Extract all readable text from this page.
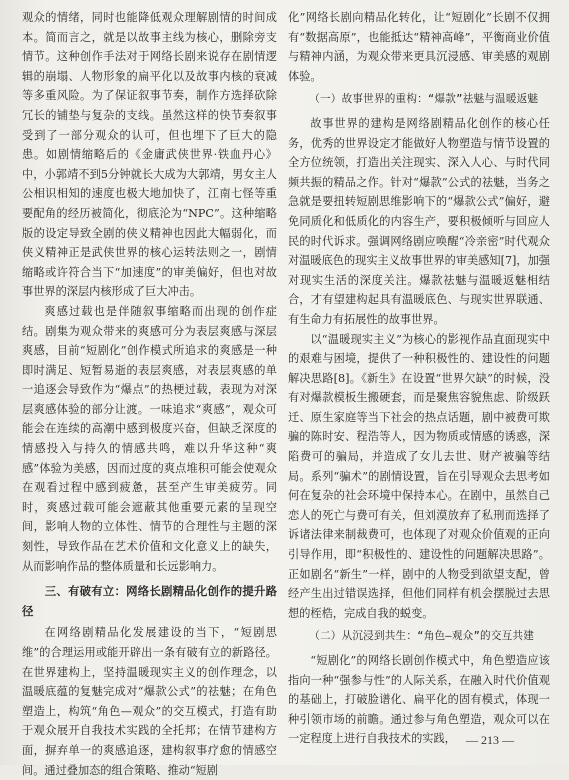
观众的情绪，同时也能降低观众理解剧情的时间成本。简而言之，就是以故事主线为核心，删除旁支情节。这种创作手法对于网络长剧来说存在剧情逻辑的崩塌、人物形象的扁平化以及故事内核的衰减等多重风险。为了保证叙事节奏，制作方选择砍除冗长的铺垫与复杂的支线。虽然这样的快节奏叙事受到了一部分观众的认可，但也埋下了巨大的隐患。如剧情缩略后的《金庸武侠世界·铁血丹心》中，小郭靖不到5分钟就长大成为大郭靖，男女主人公相识相知的速度也极大地加快了，江南七怪等重要配角的经历被简化，彻底沦为“NPC”。这种缩略版的设定导致全剧的侠义精神也因此大幅弱化，而侠义精神正是武侠世界的核心运转法则之一，剧情缩略或许符合当下“加速度”的审美偏好，但也对故事世界的深层内核形成了巨大冲击。

爽感过载也是伴随叙事缩略而出现的创作症结。剧集为观众带来的爽感可分为表层爽感与深层爽感，目前“短剧化”创作模式所追求的爽感是一种即时满足、短暂易逝的表层爽感，对表层爽感的单一追逐会导致作为“爆点”的热梗过载，表现为对深层爽感体验的部分让渡。一味追求“爽感”，观众可能会在连续的高潮中感到极度兴奋，但缺乏深度的情感投入与持久的情感共鸣，难以升华这种“爽感”体验为美感，因而过度的爽点堆积可能会使观众在观看过程中感到疲惫，甚至产生审美疲劳。同时，爽感过载可能会遮蔽其他重要元素的呈现空间，影响人物的立体性、情节的合理性与主题的深刻性，导致作品在艺术价值和文化意义上的缺失，从而影响作品的整体质量和长远影响力。

三、有破有立：网络长剧精品化创作的提升路径

在网络剧精品化发展建设的当下，“短剧思维”的合理运用或能开辟出一条有破有立的新路径。在世界建构上，坚持温暖现实主义的创作理念，以温暖底蕴的复魅完成对“爆款公式”的祛魅；在角色塑造上，构筑“角色—观众”的交互模式，打造有助于观众展开自我技术实践的全托邦；在情节建构方面，摒弃单一的爽感追逐，建构叙事疗愈的情感空间。通过叠加态的组合策略、推动“短剧

化”网络长剧向精品化转化，让“短剧化”长剧不仅拥有“数据高原”，也能抵达“精神高峰”，平衡商业价值与精神内涵，为观众带来更具沉浸感、审美感的观剧体验。

（一）故事世界的重构：“爆款”祛魅与温暖返魅

故事世界的建构是网络剧精品化创作的核心任务，优秀的世界设定才能做好人物塑造与情节设置的全方位统领，打造出关注现实、深入人心、与时代同频共振的精品之作。针对“爆款”公式的祛魅，当务之急就是要扭转短剧思维影响下的“爆款公式”偏好，避免同质化和低质化的内容生产，要积极倾听与回应人民的时代诉求。强调网络剧应唤醒“冷亲密”时代观众对温暖底色的现实主义故事世界的审美感知[7]，加强对现实生活的深度关注。爆款祛魅与温暖返魅相结合，才有望建构起具有温暖底色、与现实世界联通、有生命力有拓展性的故事世界。

以“温暖现实主义”为核心的影视作品直面现实中的艰难与困境，提供了一种积极性的、建设性的问题解决思路[8]。《新生》在设置“世界欠缺”的时候，没有对爆款模板生搬硬套，而是聚焦容貌焦虑、阶级跃迁、原生家庭等当下社会的热点话题，剧中被费可欺骗的陈时安、程浩等人，因为物质或情感的诱惑，深陷费可的骗局，并造成了女儿去世、财产被骗等结局。系列“骗术”的剧情设置，旨在引导观众去思考如何在复杂的社会环境中保持本心。在剧中，虽然自己恋人的死亡与费可有关，但刘漠放弃了私刑而选择了诉诸法律来制裁费可，也体现了对观众价值观的正向引导作用，即“积极性的、建设性的问题解决思路”。正如剧名“新生”一样，剧中的人物受到欲望支配，曾经产生出过错误选择，但他们同样有机会摆脱过去思想的桎梏，完成自我的蜕变。

（二）从沉浸到共生：“角色—观众”的交互共建

“短剧化”的网络长剧创作模式中，角色塑造应该指向一种“强参与性”的人际关系，在融入时代价值观的基础上，打破脸谱化、扁平化的固有模式，体现一种引领市场的前瞻。通过参与角色塑造，观众可以在一定程度上进行自我技术的实践， — 213 —
